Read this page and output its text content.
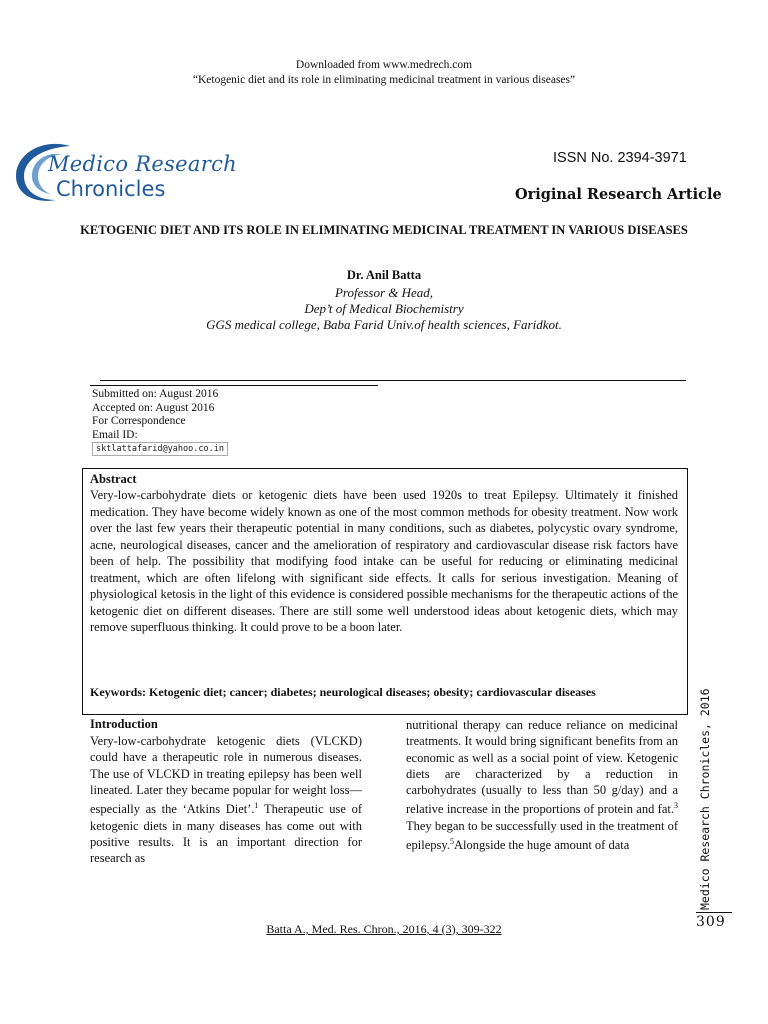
Downloaded from www.medrech.com
“Ketogenic diet and its role in eliminating medicinal treatment in various diseases”
Medico Research
Chronicles
ISSN No. 2394-3971
Original Research Article
KETOGENIC DIET AND ITS ROLE IN ELIMINATING MEDICINAL TREATMENT IN VARIOUS DISEASES
Dr. Anil Batta
Professor & Head,
Dep’t of Medical Biochemistry
GGS medical college, Baba Farid Univ.of health sciences, Faridkot.
Submitted on: August 2016
Accepted on: August 2016
For Correspondence
Email ID:
sktlattafarid@yahoo.co.in
Abstract
Very-low-carbohydrate diets or ketogenic diets have been used 1920s to treat Epilepsy. Ultimately it finished medication. They have become widely known as one of the most common methods for obesity treatment. Now work over the last few years their therapeutic potential in many conditions, such as diabetes, polycystic ovary syndrome, acne, neurological diseases, cancer and the amelioration of respiratory and cardiovascular disease risk factors have been of help. The possibility that modifying food intake can be useful for reducing or eliminating medicinal treatment, which are often lifelong with significant side effects. It calls for serious investigation. Meaning of physiological ketosis in the light of this evidence is considered possible mechanisms for the therapeutic actions of the ketogenic diet on different diseases. There are still some well understood ideas about ketogenic diets, which may remove superfluous thinking. It could prove to be a boon later.
Keywords: Ketogenic diet; cancer; diabetes; neurological diseases; obesity; cardiovascular diseases
Introduction
Very-low-carbohydrate ketogenic diets (VLCKD) could have a therapeutic role in numerous diseases. The use of VLCKD in treating epilepsy has been well lineated. Later they became popular for weight loss—especially as the ‘Atkins Diet’.$^1$ Therapeutic use of ketogenic diets in many diseases has come out with positive results. It is an important direction for research as
nutritional therapy can reduce reliance on medicinal treatments. It would bring significant benefits from an economic as well as a social point of view. Ketogenic diets are characterized by a reduction in carbohydrates (usually to less than 50 g/day) and a relative increase in the proportions of protein and fat.$^3$ They began to be successfully used in the treatment of epilepsy.$^5$Alongside the huge amount of data	Medico Research Chronicles, 2016
309
Batta A., Med. Res. Chron., 2016, 4 (3), 309-322
